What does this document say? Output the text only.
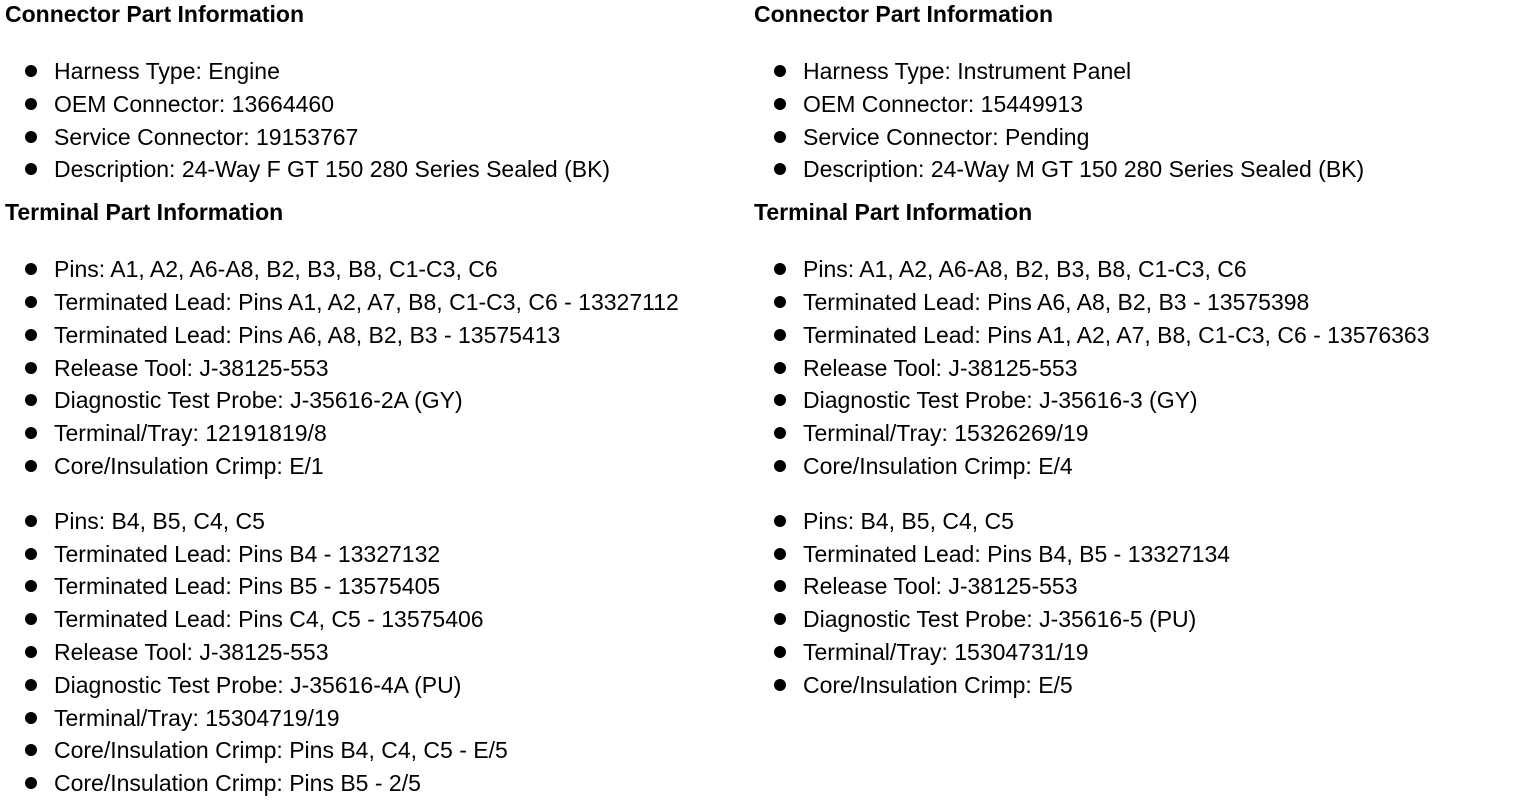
Connector Part Information
Harness Type: Engine
OEM Connector: 13664460
Service Connector: 19153767
Description: 24-Way F GT 150 280 Series Sealed (BK)
Terminal Part Information
Pins: A1, A2, A6-A8, B2, B3, B8, C1-C3, C6
Terminated Lead: Pins A1, A2, A7, B8, C1-C3, C6 - 13327112
Terminated Lead: Pins A6, A8, B2, B3 - 13575413
Release Tool: J-38125-553
Diagnostic Test Probe: J-35616-2A (GY)
Terminal/Tray: 12191819/8
Core/Insulation Crimp: E/1
Pins: B4, B5, C4, C5
Terminated Lead: Pins B4 - 13327132
Terminated Lead: Pins B5 - 13575405
Terminated Lead: Pins C4, C5 - 13575406
Release Tool: J-38125-553
Diagnostic Test Probe: J-35616-4A (PU)
Terminal/Tray: 15304719/19
Core/Insulation Crimp: Pins B4, C4, C5 - E/5
Core/Insulation Crimp: Pins B5 - 2/5
Connector Part Information
Harness Type: Instrument Panel
OEM Connector: 15449913
Service Connector: Pending
Description: 24-Way M GT 150 280 Series Sealed (BK)
Terminal Part Information
Pins: A1, A2, A6-A8, B2, B3, B8, C1-C3, C6
Terminated Lead: Pins A6, A8, B2, B3 - 13575398
Terminated Lead: Pins A1, A2, A7, B8, C1-C3, C6 - 13576363
Release Tool: J-38125-553
Diagnostic Test Probe: J-35616-3 (GY)
Terminal/Tray: 15326269/19
Core/Insulation Crimp: E/4
Pins: B4, B5, C4, C5
Terminated Lead: Pins B4, B5 - 13327134
Release Tool: J-38125-553
Diagnostic Test Probe: J-35616-5 (PU)
Terminal/Tray: 15304731/19
Core/Insulation Crimp: E/5
